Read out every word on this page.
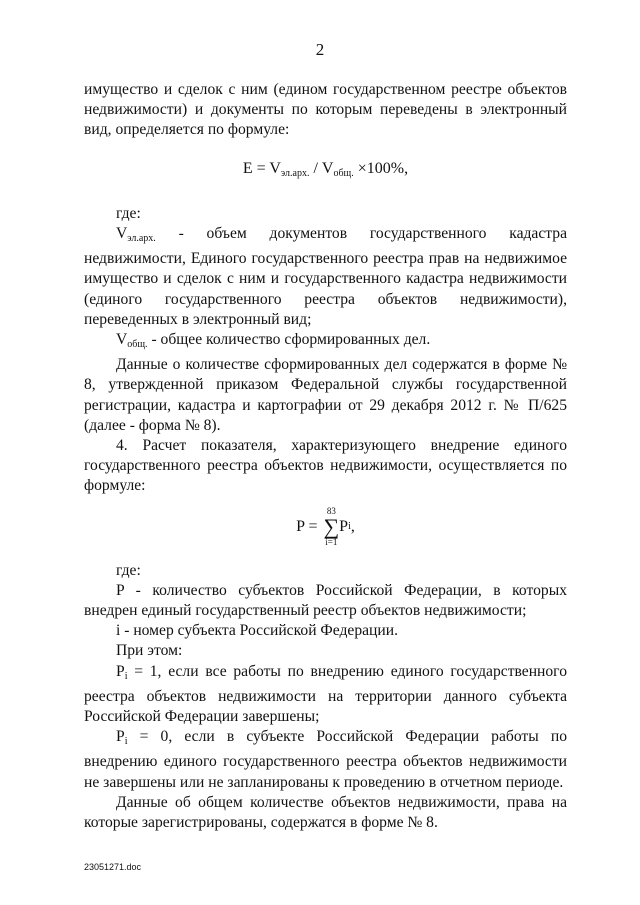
2

имущество и сделок с ним (едином государственном реестре объектов недвижимости) и документы по которым переведены в электронный вид, определяется по формуле:

$E = V_{эл.арх.} / V_{общ.} \times 100\%$,

где:

Vэл.арх. - объем документов государственного кадастра недвижимости, Единого государственного реестра прав на недвижимое имущество и сделок с ним и государственного кадастра недвижимости (единого государственного реестра объектов недвижимости), переведенных в электронный вид;

Vобщ. - общее количество сформированных дел.

Данные о количестве сформированных дел содержатся в форме № 8, утвержденной приказом Федеральной службы государственной регистрации, кадастра и картографии от 29 декабря 2012 г. № П/625 (далее - форма № 8).

4. Расчет показателя, характеризующего внедрение единого государственного реестра объектов недвижимости, осуществляется по формуле:

P =
83
∑
i=1
P i ,

где:

P - количество субъектов Российской Федерации, в которых внедрен единый государственный реестр объектов недвижимости;

i - номер субъекта Российской Федерации.

При этом:

Pi = 1, если все работы по внедрению единого государственного реестра объектов недвижимости на территории данного субъекта Российской Федерации завершены;

Pi = 0, если в субъекте Российской Федерации работы по внедрению единого государственного реестра объектов недвижимости не завершены или не запланированы к проведению в отчетном периоде.

Данные об общем количестве объектов недвижимости, права на которые зарегистрированы, содержатся в форме № 8.

23051271.doc
